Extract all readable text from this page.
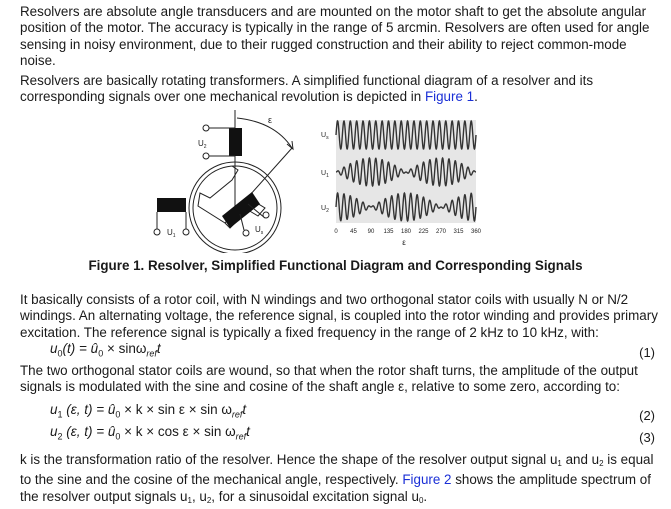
Resolvers are absolute angle transducers and are mounted on the motor shaft to get the absolute angular position of the motor. The accuracy is typically in the range of 5 arcmin. Resolvers are often used for angle sensing in noisy environment, due to their rugged construction and their ability to reject common-mode noise.

Resolvers are basically rotating transformers. A simplified functional diagram of a resolver and its corresponding signals over one mechanical revolution is depicted in Figure 1.

$U_2$
ε
$U_s$
$U_1$
$U_s$
$U_1$
$U_2$
0 45 90 135 180 225 270 315 360
ε
Figure 1. Resolver, Simplified Functional Diagram and Corresponding Signals

It basically consists of a rotor coil, with N windings and two orthogonal stator coils with usually N or N/2 windings. An alternating voltage, the reference signal, is coupled into the rotor winding and provides primary excitation. The reference signal is typically a fixed frequency in the range of 2 kHz to 10 kHz, with:

$u_0(t)$ = $û_0 \times \sin\omega_{ref}t$	(1)

The two orthogonal stator coils are wound, so that when the rotor shaft turns, the amplitude of the output signals is modulated with the sine and cosine of the shaft angle ε, relative to some zero, according to:

$u_1$ (ε, $t) = û_0 \times k \times \sin \varepsilon \times \sin \omega_{ref}t$	(2)
$u_2$ (ε, $t) = û_0 \times k \times \cos \varepsilon \times \sin \omega_{ref}t$	(3)

k is the transformation ratio of the resolver. Hence the shape of the resolver output signal $u_1$ and $u_2$ is equal to the sine and the cosine of the mechanical angle, respectively. Figure 2 shows the amplitude spectrum of the resolver output signals $u_1$, $u_2$, for a sinusoidal excitation signal $u_0$.
